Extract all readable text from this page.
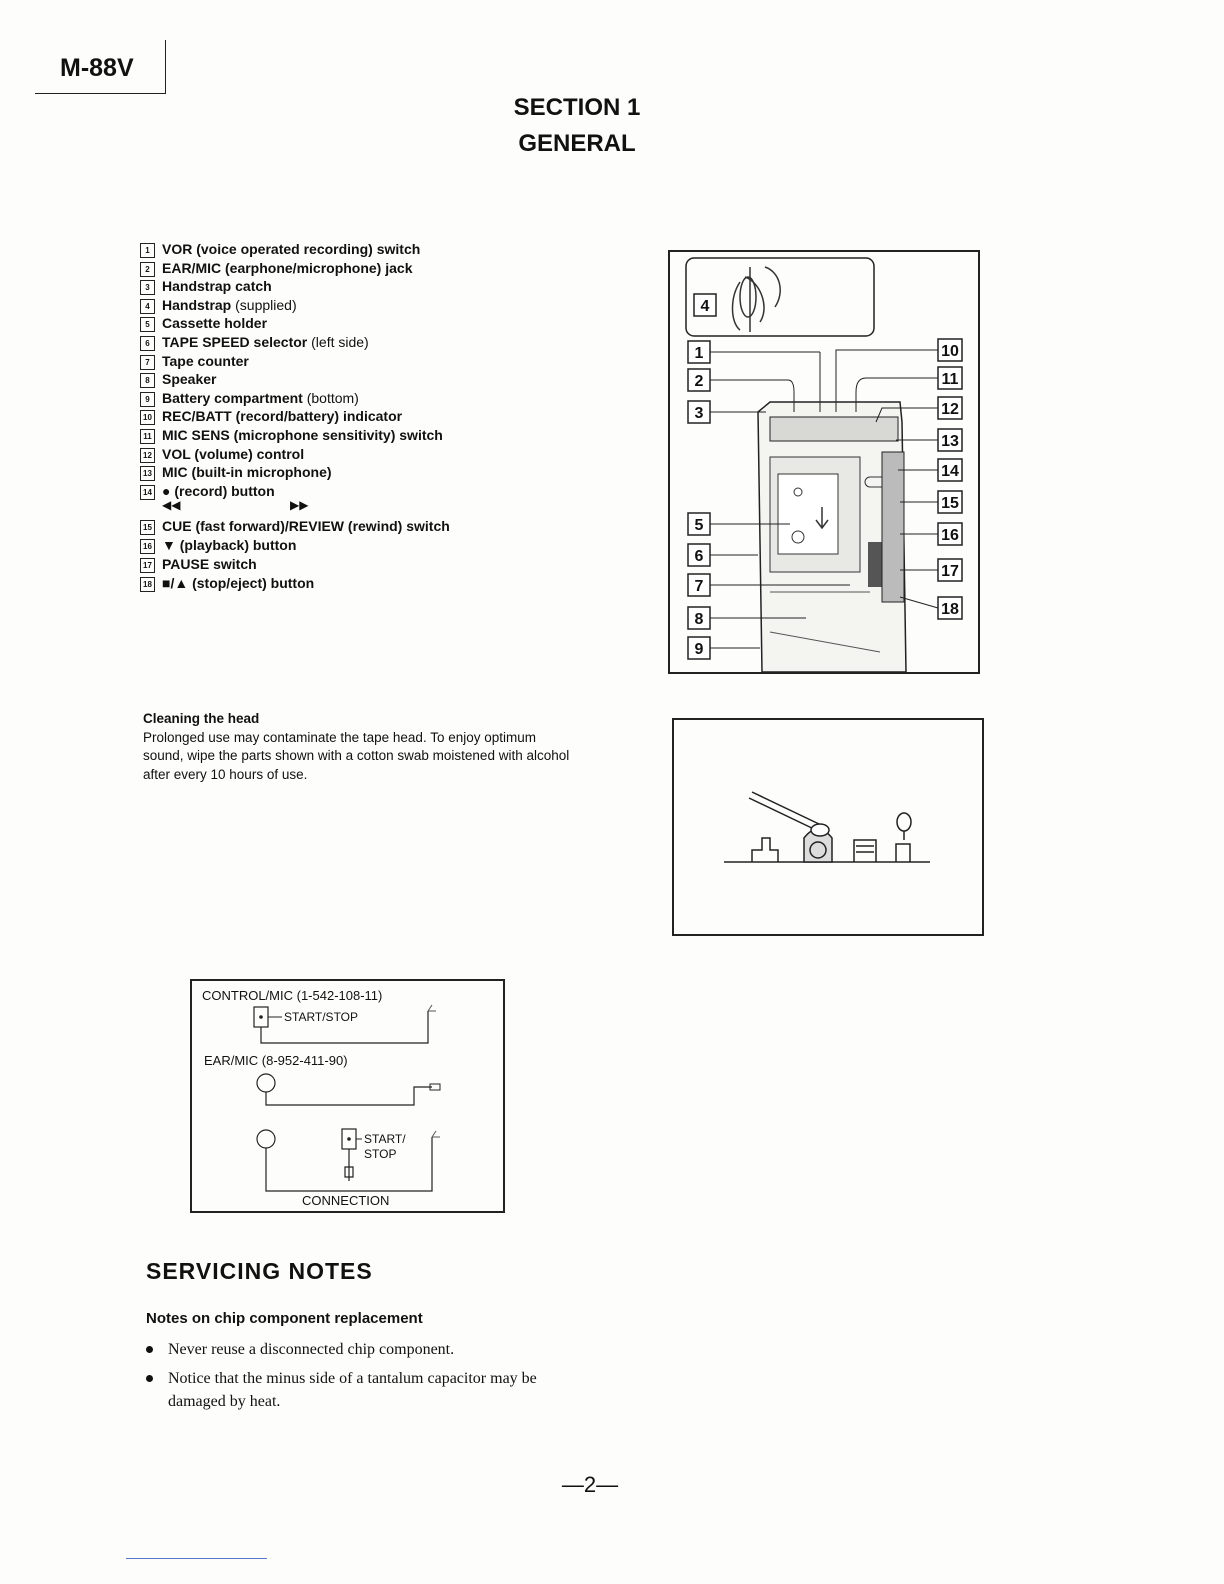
M-88V
SECTION 1
GENERAL
1 VOR (voice operated recording) switch
2 EAR/MIC (earphone/microphone) jack
3 Handstrap catch
4 Handstrap (supplied)
5 Cassette holder
6 TAPE SPEED selector (left side)
7 Tape counter
8 Speaker
9 Battery compartment (bottom)
10 REC/BATT (record/battery) indicator
11 MIC SENS (microphone sensitivity) switch
12 VOL (volume) control
13 MIC (built-in microphone)
14 ● (record) button
◀◀	▶▶
15 CUE (fast forward)/REVIEW (rewind) switch
16 ▼ (playback) button
17 PAUSE switch
18 ■/▲ (stop/eject) button
4
1
2
3
5
6
7
8
9
10
11
12
13
14
15
16
17
18
Cleaning the head
Prolonged use may contaminate the tape head. To enjoy optimum sound, wipe the parts shown with a cotton swab moistened with alcohol after every 10 hours of use.
CONTROL/MIC (1-542-108-11)
START/STOP
EAR/MIC (8-952-411-90)
START/
STOP
CONNECTION
SERVICING NOTES
Notes on chip component replacement
Never reuse a disconnected chip component.
Notice that the minus side of a tantalum capacitor may be damaged by heat.
—2—
